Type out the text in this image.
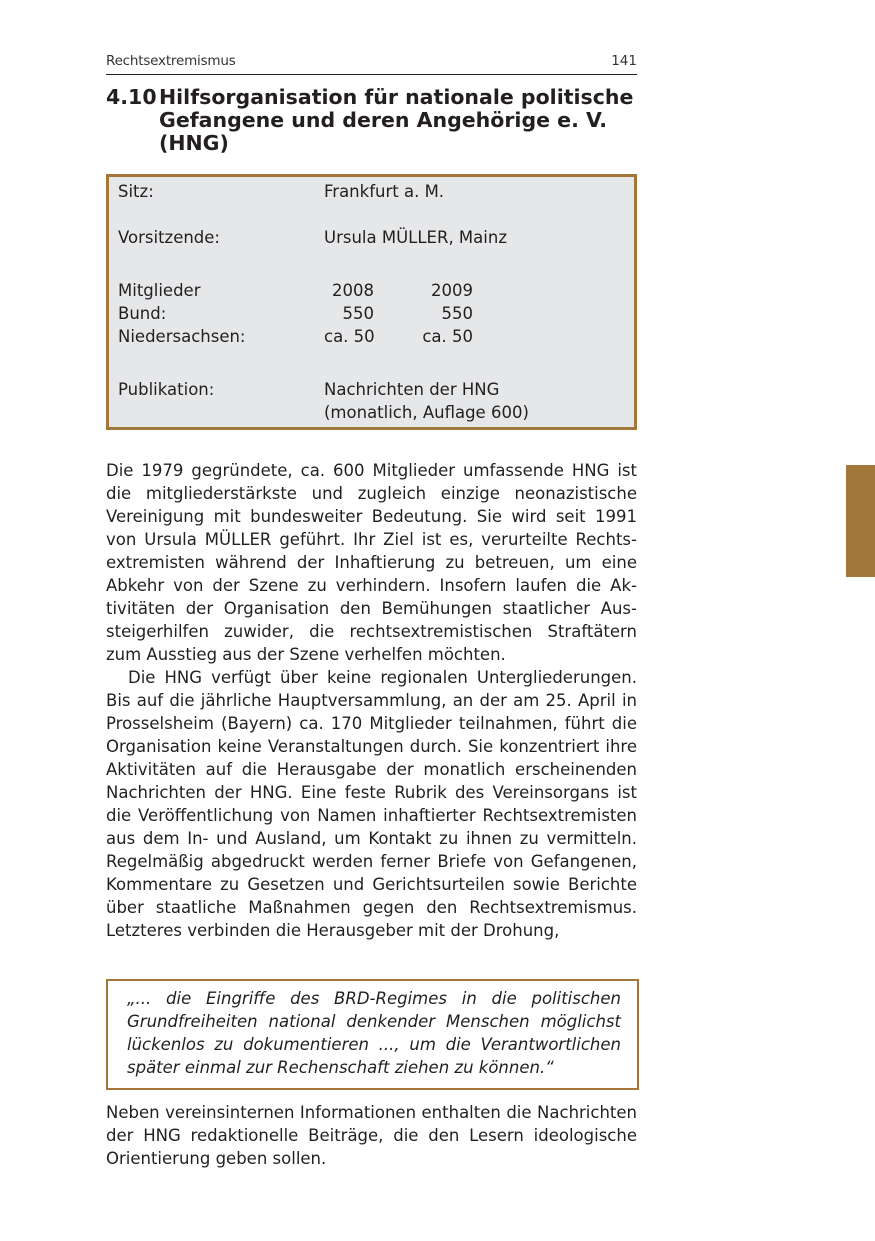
Rechtsextremismus	141
4.10 Hilfsorganisation für nationale politische Gefangene und deren Angehörige e. V. (HNG)
Sitz:	Frankfurt a. M.
Vorsitzende:	Ursula MÜLLER, Mainz
Mitglieder	2008	2009
Bund:	550	550
Niedersachsen:	ca. 50	ca. 50
Publikation:	Nachrichten der HNG
(monatlich, Auflage 600)

Die 1979 gegründete, ca. 600 Mitglieder umfassende HNG ist die mitgliederstärkste und zugleich einzige neonazistische Vereinigung mit bundesweiter Bedeutung. Sie wird seit 1991 von Ursula MÜLLER geführt. Ihr Ziel ist es, verurteilte Rechtsextremisten während der Inhaftierung zu betreuen, um eine Abkehr von der Szene zu verhindern. Insofern laufen die Aktivitäten der Organisation den Bemühungen staatlicher Aussteigerhilfen zuwider, die rechtsextremistischen Straftätern zum Ausstieg aus der Szene verhelfen möchten.

Die HNG verfügt über keine regionalen Untergliederungen. Bis auf die jährliche Hauptversammlung, an der am 25. April in Prosselsheim (Bayern) ca. 170 Mitglieder teilnahmen, führt die Organisation keine Veranstaltungen durch. Sie konzentriert ihre Aktivitäten auf die Herausgabe der monatlich erscheinenden Nachrichten der HNG. Eine feste Rubrik des Vereinsorgans ist die Veröffentlichung von Namen inhaftierter Rechtsextremisten aus dem In- und Ausland, um Kontakt zu ihnen zu vermitteln. Regelmäßig abgedruckt werden ferner Briefe von Gefangenen, Kommentare zu Gesetzen und Gerichtsurteilen sowie Berichte über staatliche Maßnahmen gegen den Rechtsextremismus. Letzteres verbinden die Herausgeber mit der Drohung,

„... die Eingriffe des BRD-Regimes in die politischen Grundfreiheiten national denkender Menschen möglichst lückenlos zu dokumentieren ..., um die Verantwortlichen später einmal zur Rechenschaft ziehen zu können.“

Neben vereinsinternen Informationen enthalten die Nachrichten der HNG redaktionelle Beiträge, die den Lesern ideologische Orientierung geben sollen.
